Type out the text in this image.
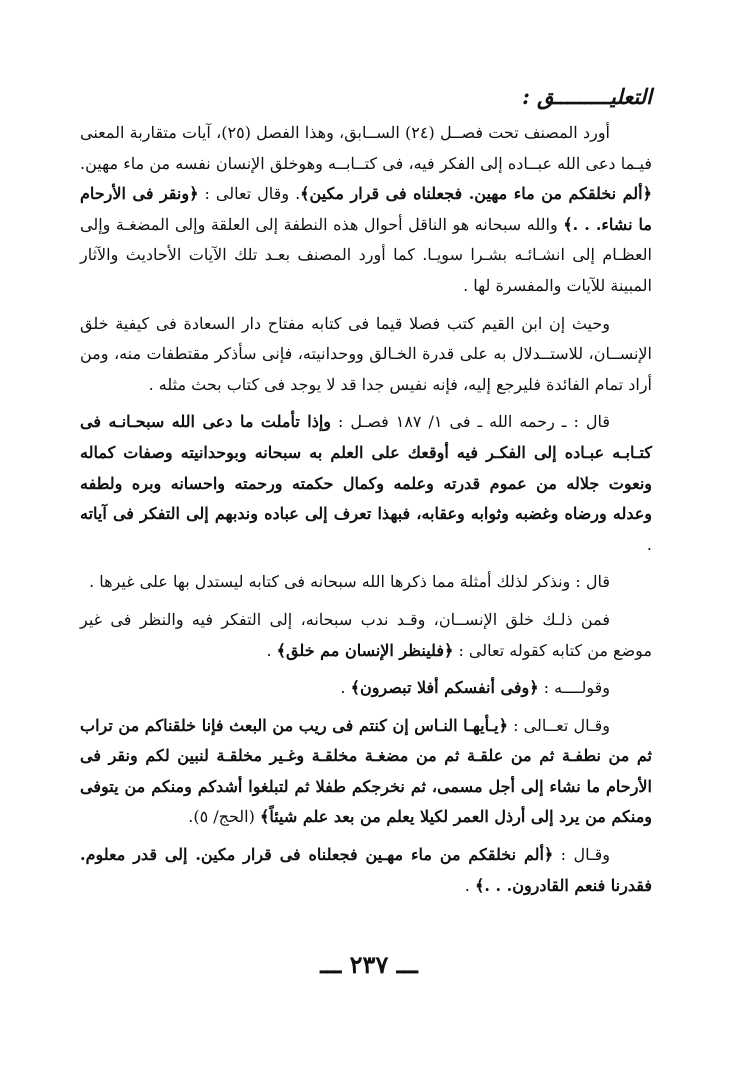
التعليـــــــــق :

أورد المصنف تحت فصــل (٢٤) الســابق، وهذا الفصل (٢٥)، آيات متقاربة المعنى فيـما دعى الله عبــاده إلى الفكر فيه، فى كتــابــه وهوخلق الإنسان نفسه من ماء مهين. ﴿ألم نخلقكم من ماء مهين. فجعلناه فى قرار مكين﴾. وقال تعالى : ﴿ونقر فى الأرحام ما نشاء. . .﴾ والله سبحانه هو الناقل أحوال هذه النطفة إلى العلقة وإلى المضغـة وإلى العظـام إلى انشـائـه بشـرا سويـا. كما أورد المصنف بعـد تلك الآيات الأحاديث والآثار المبينة للآيات والمفسرة لها .

وحيث إن ابن القيم كتب فصلا قيما فى كتابه مفتاح دار السعادة فى كيفية خلق الإنســان، للاستــدلال به على قدرة الخـالق ووحدانيته، فإنى سأذكر مقتطفات منه، ومن أراد تمام الفائدة فليرجع إليه، فإنه نفيس جدا قد لا يوجد فى كتاب بحث مثله .

قال : ـ رحمه الله ـ فى ١/ ١٨٧ فصـل : وإذا تأملت ما دعى الله سبحـانـه فى كتـابـه عبـاده إلى الفكـر فيه أوقعك على العلم به سبحانه وبوحدانيته وصفات كماله ونعوت جلاله من عموم قدرته وعلمه وكمال حكمته ورحمته واحسانه وبره ولطفه وعدله ورضاه وغضبه وثوابه وعقابه، فبهذا تعرف إلى عباده وندبهم إلى التفكر فى آياته .

قال : ونذكر لذلك أمثلة مما ذكرها الله سبحانه فى كتابه ليستدل بها على غيرها .

فمن ذلـك خلق الإنســان، وقـد ندب سبحانه، إلى التفكر فيه والنظر فى غير موضع من كتابه كقوله تعالى : ﴿فلينظر الإنسان مم خلق﴾ .

وقولــــه : ﴿وفى أنفسكم أفلا تبصرون﴾ .

وقـال تعــالى : ﴿يـأيهـا النـاس إن كنتم فى ريب من البعث فإنا خلقناكم من تراب ثم من نطفـة ثم من علقـة ثم من مضغـة مخلقـة وغـير مخلقـة لنبين لكم ونقر فى الأرحام ما نشاء إلى أجل مسمى، ثم نخرجكم طفلا ثم لتبلغوا أشدكم ومنكم من يتوفى ومنكم من يرد إلى أرذل العمر لكيلا يعلم من بعد علم شيئاً﴾ (الحج/ ٥).

وقـال : ﴿ألم نخلقكم من ماء مهـين فجعلناه فى قرار مكين. إلى قدر معلوم. فقدرنا فنعم القادرون. . .﴾ .

ـــ ٢٣٧ ـــ
